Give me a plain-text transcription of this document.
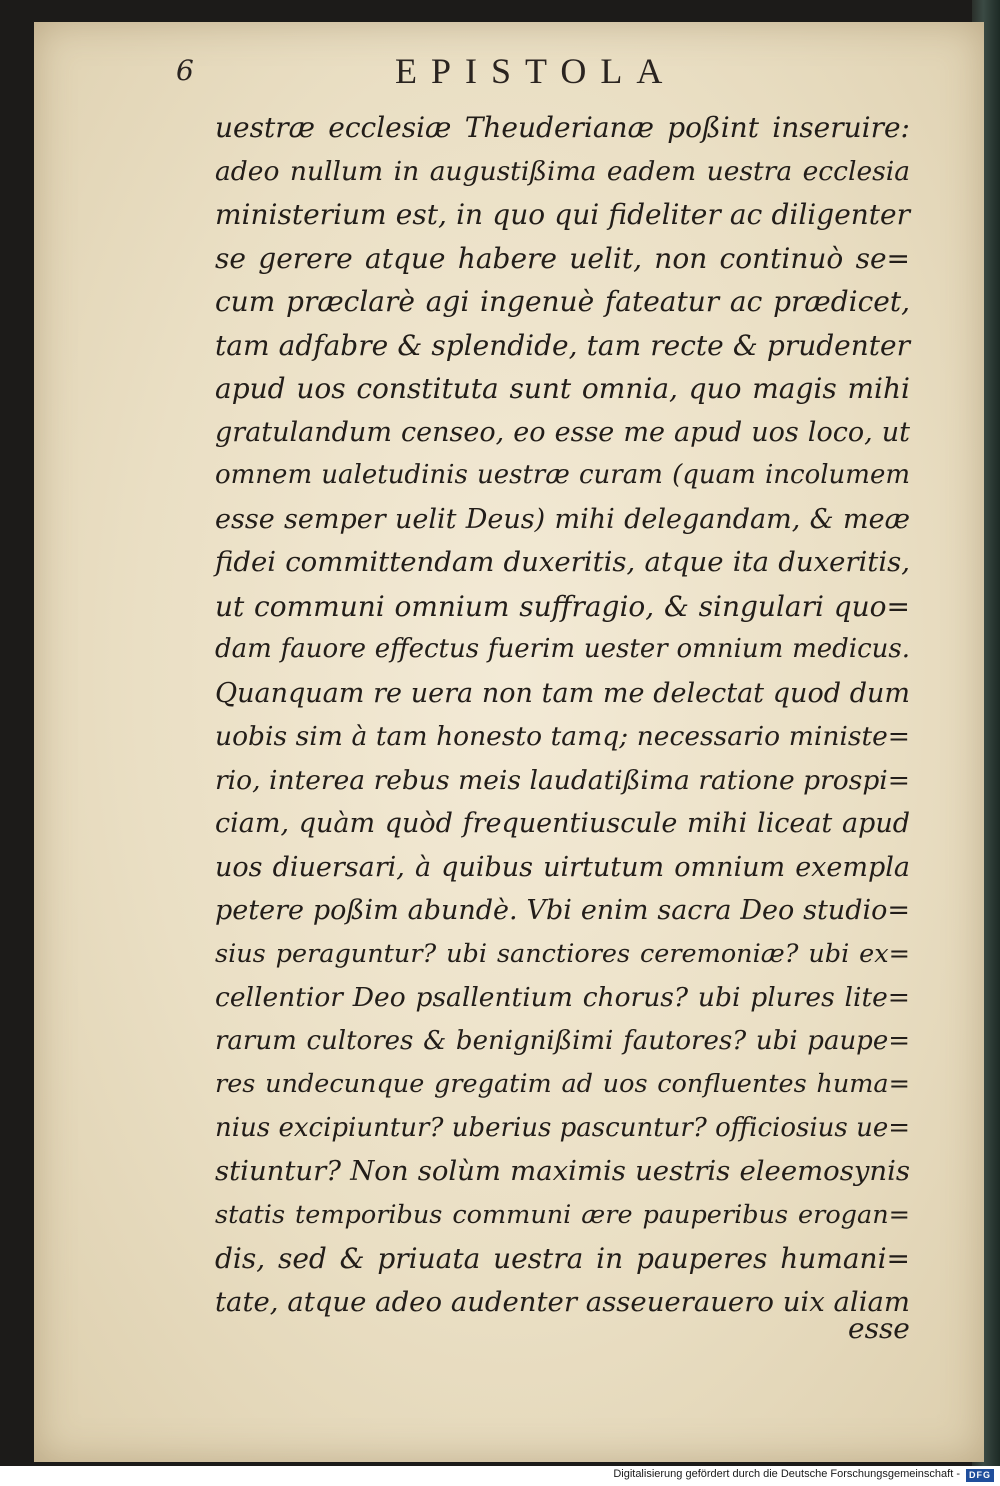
6	EPISTOLA
uestræ ecclesiæ Theuderianæ poßint inseruire:
adeo nullum in augustißima eadem uestra ecclesia
ministerium est, in quo qui fideliter ac diligenter
se gerere atque habere uelit, non continuò se=
cum præclarè agi ingenuè fateatur ac prædicet,
tam adfabre & splendide, tam recte & prudenter
apud uos constituta sunt omnia, quo magis mihi
gratulandum censeo, eo esse me apud uos loco, ut
omnem ualetudinis uestræ curam (quam incolumem
esse semper uelit Deus) mihi delegandam, & meæ
fidei committendam duxeritis, atque ita duxeritis,
ut communi omnium suffragio, & singulari quo=
dam fauore effectus fuerim uester omnium medicus.
Quanquam re uera non tam me delectat quod dum
uobis sim à tam honesto tamq; necessario ministe=
rio, interea rebus meis laudatißima ratione prospi=
ciam, quàm quòd frequentiuscule mihi liceat apud
uos diuersari, à quibus uirtutum omnium exempla
petere poßim abundè. Vbi enim sacra Deo studio=
sius peraguntur? ubi sanctiores ceremoniæ? ubi ex=
cellentior Deo psallentium chorus? ubi plures lite=
rarum cultores & benignißimi fautores? ubi paupe=
res undecunque gregatim ad uos confluentes huma=
nius excipiuntur? uberius pascuntur? officiosius ue=
stiuntur? Non solùm maximis uestris eleemosynis
statis temporibus communi ære pauperibus erogan=
dis, sed & priuata uestra in pauperes humani=
tate, atque adeo audenter asseuerauero uix aliam
esse
Digitalisierung gefördert durch die Deutsche Forschungsgemeinschaft -	DFG
